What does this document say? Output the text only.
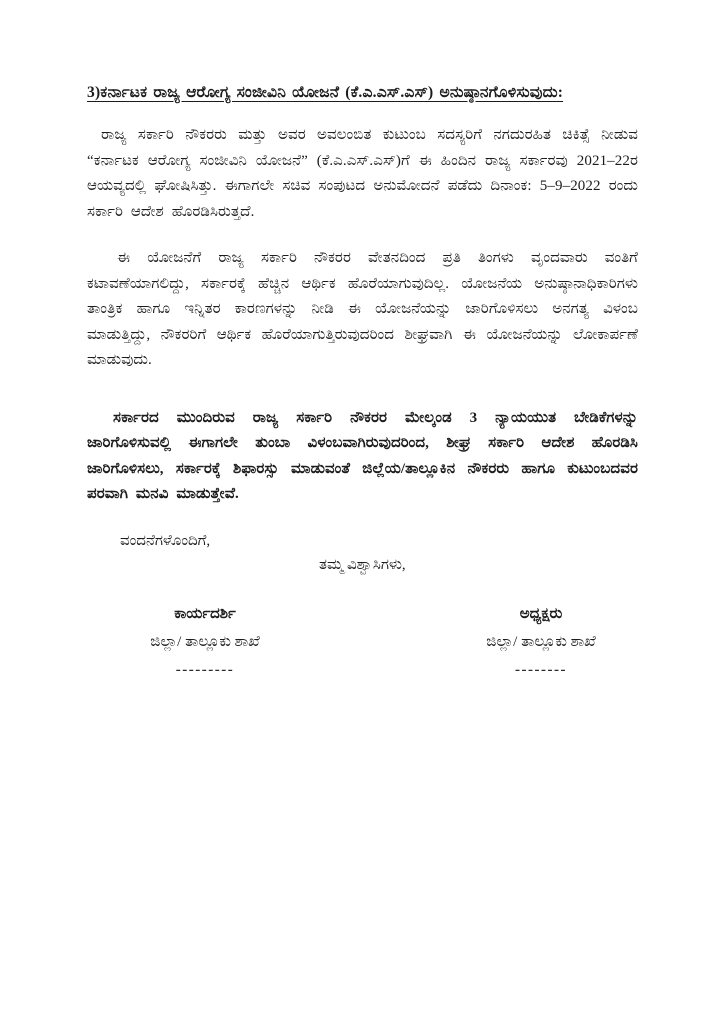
3)ಕರ್ನಾಟಕ ರಾಜ್ಯ ಆರೋಗ್ಯ ಸಂಜೀವಿನಿ ಯೋಜನೆ (ಕೆ.ಎ.ಎಸ್.ಎಸ್) ಅನುಷ್ಠಾನಗೊಳಿಸುವುದು:

ರಾಜ್ಯ ಸರ್ಕಾರಿ ನೌಕರರು ಮತ್ತು ಅವರ ಅವಲಂಬಿತ ಕುಟುಂಬ ಸದಸ್ಯರಿಗೆ ನಗದುರಹಿತ ಚಿಕಿತ್ಸೆ ನೀಡುವ “ಕರ್ನಾಟಕ ಆರೋಗ್ಯ ಸಂಜೀವಿನಿ ಯೋಜನೆ” (ಕೆ.ಎ.ಎಸ್.ಎಸ್)ಗೆ ಈ ಹಿಂದಿನ ರಾಜ್ಯ ಸರ್ಕಾರವು 2021–22ರ ಆಯವ್ಯದಲ್ಲಿ ಘೋಷಿಸಿತ್ತು. ಈಗಾಗಲೇ ಸಚಿವ ಸಂಪುಟದ ಅನುಮೋದನೆ ಪಡೆದು ದಿನಾಂಕ: 5–9–2022 ರಂದು ಸರ್ಕಾರಿ ಆದೇಶ ಹೊರಡಿಸಿರುತ್ತದೆ.

ಈ ಯೋಜನೆಗೆ ರಾಜ್ಯ ಸರ್ಕಾರಿ ನೌಕರರ ವೇತನದಿಂದ ಪ್ರತಿ ತಿಂಗಳು ವೃಂದವಾರು ವಂತಿಗೆ ಕಟಾವಣೆಯಾಗಲಿದ್ದು, ಸರ್ಕಾರಕ್ಕೆ ಹೆಚ್ಚಿನ ಆರ್ಥಿಕ ಹೊರೆಯಾಗುವುದಿಲ್ಲ. ಯೋಜನೆಯ ಅನುಷ್ಠಾನಾಧಿಕಾರಿಗಳು ತಾಂತ್ರಿಕ ಹಾಗೂ ಇನ್ನಿತರ ಕಾರಣಗಳನ್ನು ನೀಡಿ ಈ ಯೋಜನೆಯನ್ನು ಜಾರಿಗೊಳಿಸಲು ಅನಗತ್ಯ ವಿಳಂಬ ಮಾಡುತ್ತಿದ್ದು, ನೌಕರರಿಗೆ ಆರ್ಥಿಕ ಹೊರೆಯಾಗುತ್ತಿರುವುದರಿಂದ ಶೀಘ್ರವಾಗಿ ಈ ಯೋಜನೆಯನ್ನು ಲೋಕಾರ್ಪಣೆ ಮಾಡುವುದು.

ಸರ್ಕಾರದ ಮುಂದಿರುವ ರಾಜ್ಯ ಸರ್ಕಾರಿ ನೌಕರರ ಮೇಲ್ಕಂಡ 3 ನ್ಯಾಯಯುತ ಬೇಡಿಕೆಗಳನ್ನು ಜಾರಿಗೊಳಿಸುವಲ್ಲಿ ಈಗಾಗಲೇ ತುಂಬಾ ವಿಳಂಬವಾಗಿರುವುದರಿಂದ, ಶೀಘ್ರ ಸರ್ಕಾರಿ ಆದೇಶ ಹೊರಡಿಸಿ ಜಾರಿಗೊಳಿಸಲು, ಸರ್ಕಾರಕ್ಕೆ ಶಿಫಾರಸ್ಸು ಮಾಡುವಂತೆ ಜಿಲ್ಲೆಯ/ತಾಲ್ಲೂಕಿನ ನೌಕರರು ಹಾಗೂ ಕುಟುಂಬದವರ ಪರವಾಗಿ ಮನವಿ ಮಾಡುತ್ತೇವೆ.

ವಂದನೆಗಳೊಂದಿಗೆ,
ತಮ್ಮ ವಿಶ್ವಾಸಿಗಳು,
ಕಾರ್ಯದರ್ಶಿ
ಜಿಲ್ಲಾ/ ತಾಲ್ಲೂಕು ಶಾಖೆ
---------
ಅಧ್ಯಕ್ಷರು
ಜಿಲ್ಲಾ/ ತಾಲ್ಲೂಕು ಶಾಖೆ
--------
